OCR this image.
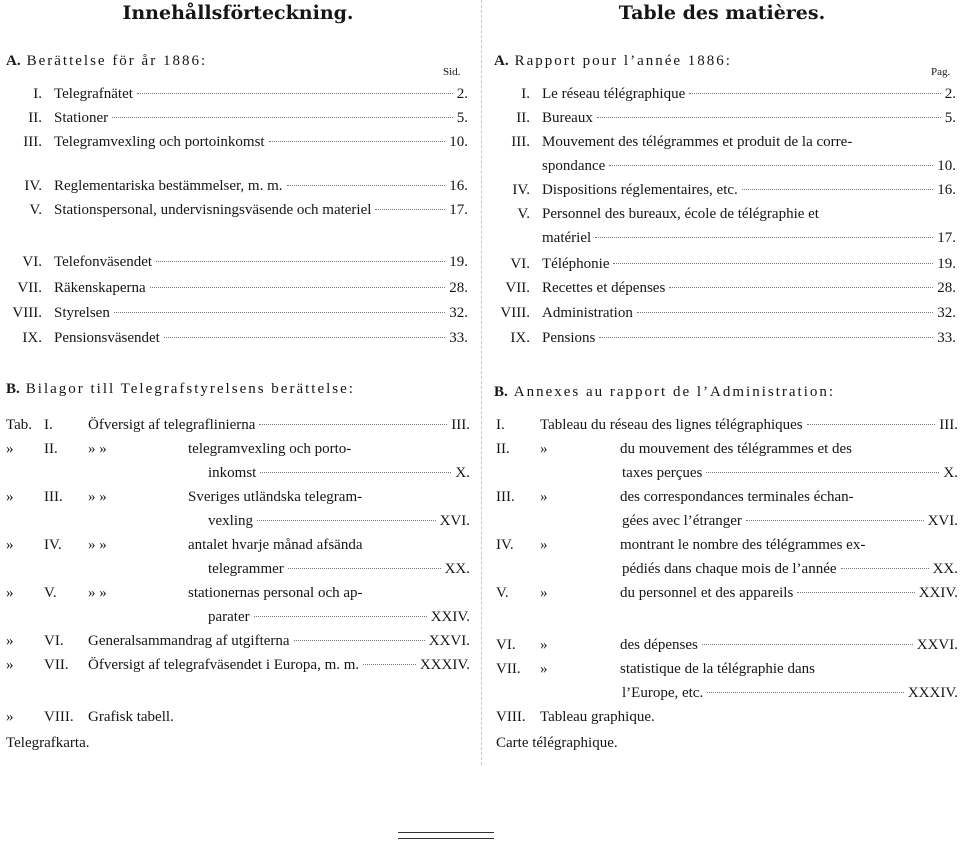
Innehållsförteckning.
A. Berättelse för år 1886:
Sid.
I. Telegrafnätet	2.
II. Stationer	5.
III. Telegramvexling och portoinkomst	10.
IV. Reglementariska bestämmelser, m. m.	16.
V. Stationspersonal, undervisningsväsende och materiel	17.
VI. Telefonväsendet	19.
VII. Räkenskaperna	28.
VIII. Styrelsen	32.
IX. Pensionsväsendet	33.
B. Bilagor till Telegrafstyrelsens berättelse:
Tab. I.	Öfversigt af telegraflinierna	III.
»	II.	» »	telegramvexling och porto-
inkomst	X.
»	III.	» »	Sveriges utländska telegram-
vexling	XVI.
»	IV.	» »	antalet hvarje månad afsända
telegrammer	XX.
»	V.	» »	stationernas personal och ap-
parater	XXIV.
»	VI.	Generalsammandrag af utgifterna	XXVI.
»	VII.	Öfversigt af telegrafväsendet i Europa, m. m.	XXXIV.
»	VIII. Grafisk tabell.
Telegrafkarta.
Table des matières.
A. Rapport pour l’année 1886:
Pag.
I. Le réseau télégraphique	2.
II. Bureaux	5.
III. Mouvement des télégrammes et produit de la corre-
spondance	10.
IV. Dispositions réglementaires, etc.	16.
V. Personnel des bureaux, école de télégraphie et
matériel	17.
VI. Téléphonie	19.
VII. Recettes et dépenses	28.
VIII. Administration	32.
IX. Pensions	33.
B. Annexes au rapport de l’Administration:
I.	Tableau du réseau des lignes télégraphiques	III.
II.	»	du mouvement des télégrammes et des
taxes perçues	X.
III.	»	des correspondances terminales échan-
gées avec l’étranger	XVI.
IV.	»	montrant le nombre des télégrammes ex-
pédiés dans chaque mois de l’année	XX.
V.	»	du personnel et des appareils	XXIV.
VI.	»	des dépenses	XXVI.
VII.	»	statistique de la télégraphie dans
l’Europe, etc.	XXXIV.
VIII. Tableau graphique.
Carte télégraphique.
